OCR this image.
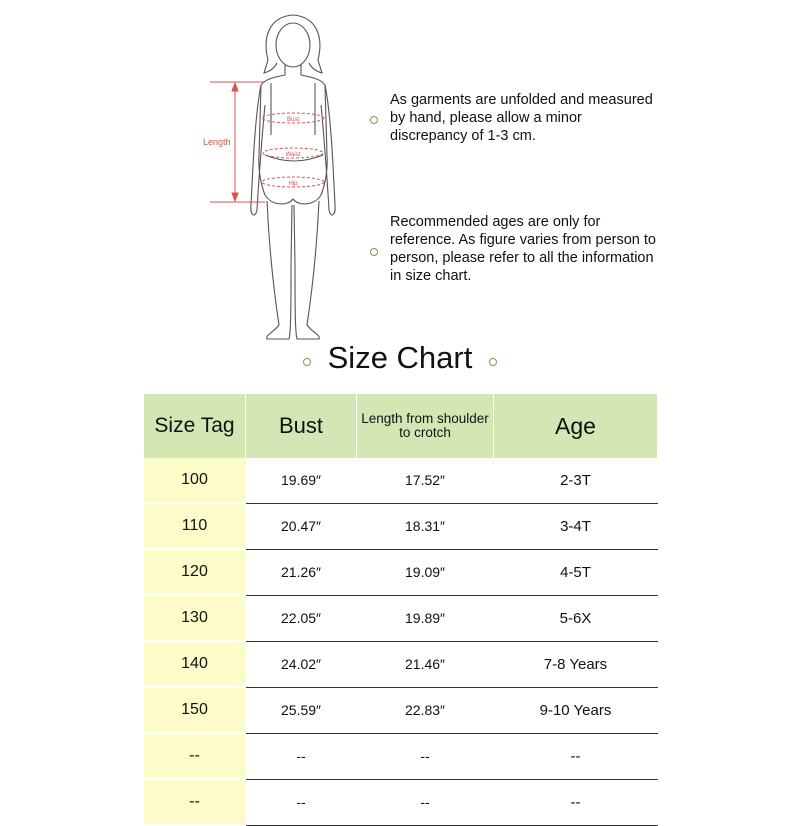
Length
Bust
Waist
Hip
As garments are unfolded and measured by hand, please allow a minor discrepancy of 1-3 cm.
Recommended ages are only for reference. As figure varies from person to person, please refer to all the information in size chart.
Size Chart
Size Tag	Bust	Length from shoulder to crotch	Age
100	19.69″	17.52″	2-3T
110	20.47″	18.31″	3-4T
120	21.26″	19.09″	4-5T
130	22.05″	19.89″	5-6X
140	24.02″	21.46″	7-8 Years
150	25.59″	22.83″	9-10 Years
--	--	--	--
--	--	--	--
